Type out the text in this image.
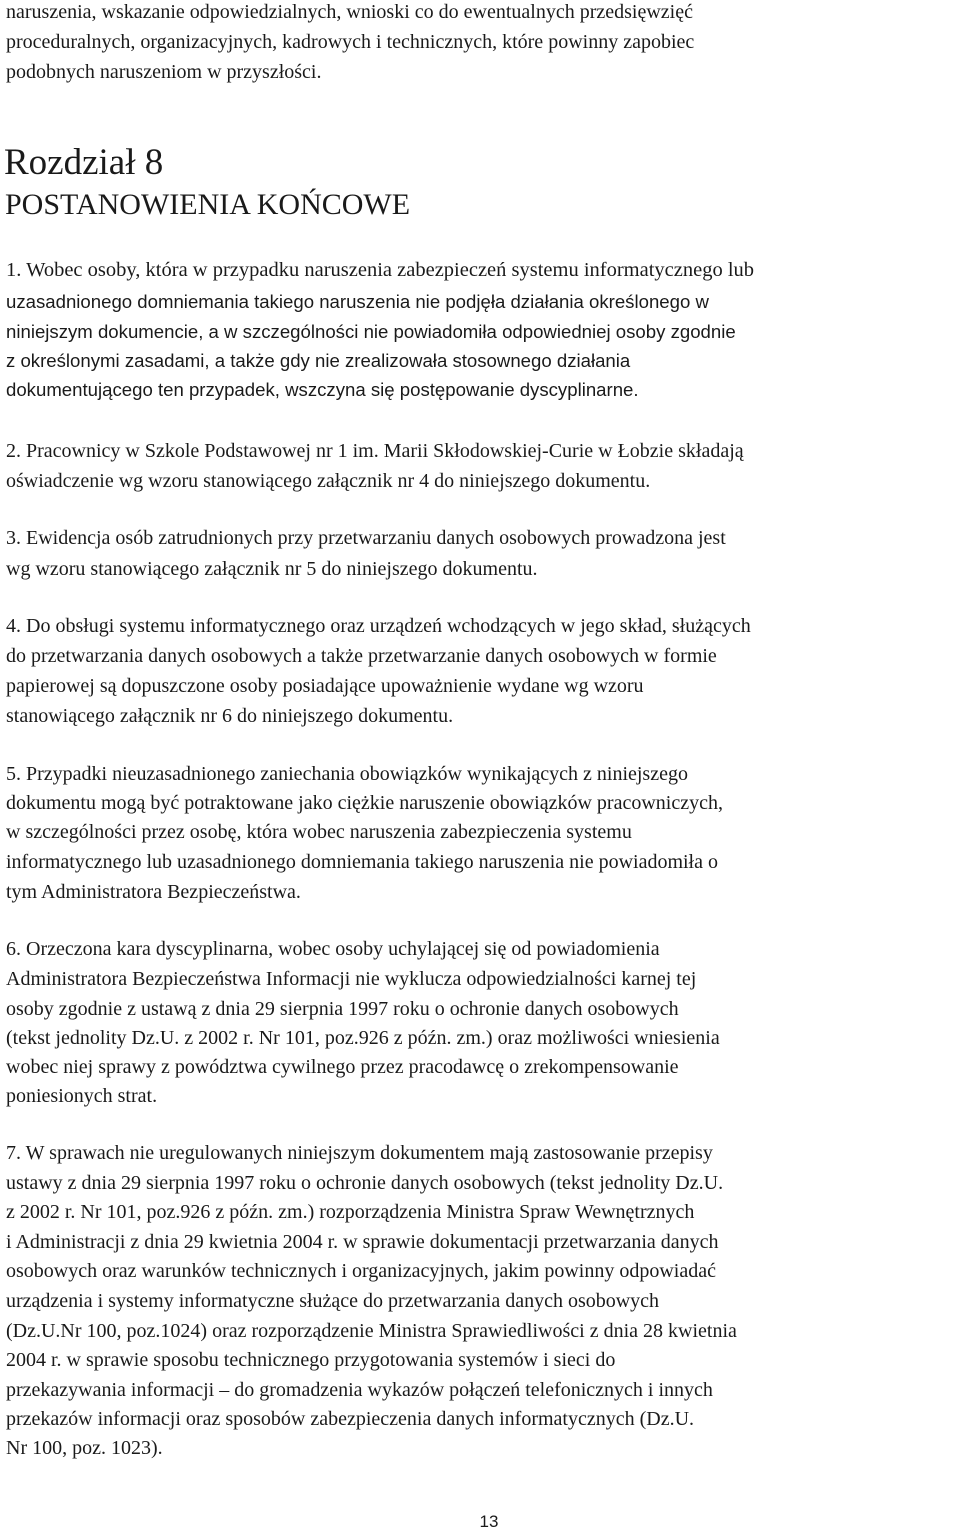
naruszenia, wskazanie odpowiedzialnych, wnioski co do ewentualnych przedsięwzięć
proceduralnych, organizacyjnych, kadrowych i technicznych, które powinny zapobiec
podobnych naruszeniom w przyszłości.
Rozdział 8
POSTANOWIENIA KOŃCOWE
1. Wobec osoby, która w przypadku naruszenia zabezpieczeń systemu informatycznego lub
uzasadnionego domniemania takiego naruszenia nie podjęła działania określonego w
niniejszym dokumencie, a w szczególności nie powiadomiła odpowiedniej osoby zgodnie
z określonymi zasadami, a także gdy nie zrealizowała stosownego działania
dokumentującego ten przypadek, wszczyna się postępowanie dyscyplinarne.
2. Pracownicy w Szkole Podstawowej nr 1 im. Marii Skłodowskiej-Curie w Łobzie składają
oświadczenie wg wzoru stanowiącego załącznik nr 4 do niniejszego dokumentu.
3. Ewidencja osób zatrudnionych przy przetwarzaniu danych osobowych prowadzona jest
wg wzoru stanowiącego załącznik nr 5 do niniejszego dokumentu.
4. Do obsługi systemu informatycznego oraz urządzeń wchodzących w jego skład, służących
do przetwarzania danych osobowych a także przetwarzanie danych osobowych w formie
papierowej są dopuszczone osoby posiadające upoważnienie wydane wg wzoru
stanowiącego załącznik nr 6 do niniejszego dokumentu.
5. Przypadki nieuzasadnionego zaniechania obowiązków wynikających z niniejszego
dokumentu mogą być potraktowane jako ciężkie naruszenie obowiązków pracowniczych,
w szczególności przez osobę, która wobec naruszenia zabezpieczenia systemu
informatycznego lub uzasadnionego domniemania takiego naruszenia nie powiadomiła o
tym Administratora Bezpieczeństwa.
6. Orzeczona kara dyscyplinarna, wobec osoby uchylającej się od powiadomienia
Administratora Bezpieczeństwa Informacji nie wyklucza odpowiedzialności karnej tej
osoby zgodnie z ustawą z dnia 29 sierpnia 1997 roku o ochronie danych osobowych
(tekst jednolity Dz.U. z 2002 r. Nr 101, poz.926 z późn. zm.) oraz możliwości wniesienia
wobec niej sprawy z powództwa cywilnego przez pracodawcę o zrekompensowanie
poniesionych strat.
7. W sprawach nie uregulowanych niniejszym dokumentem mają zastosowanie przepisy
ustawy z dnia 29 sierpnia 1997 roku o ochronie danych osobowych (tekst jednolity Dz.U.
z 2002 r. Nr 101, poz.926 z późn. zm.) rozporządzenia Ministra Spraw Wewnętrznych
i Administracji z dnia 29 kwietnia 2004 r. w sprawie dokumentacji przetwarzania danych
osobowych oraz warunków technicznych i organizacyjnych, jakim powinny odpowiadać
urządzenia i systemy informatyczne służące do przetwarzania danych osobowych
(Dz.U.Nr 100, poz.1024) oraz rozporządzenie Ministra Sprawiedliwości z dnia 28 kwietnia
2004 r. w sprawie sposobu technicznego przygotowania systemów i sieci do
przekazywania informacji – do gromadzenia wykazów połączeń telefonicznych i innych
przekazów informacji oraz sposobów zabezpieczenia danych informatycznych (Dz.U.
Nr 100, poz. 1023).
13
